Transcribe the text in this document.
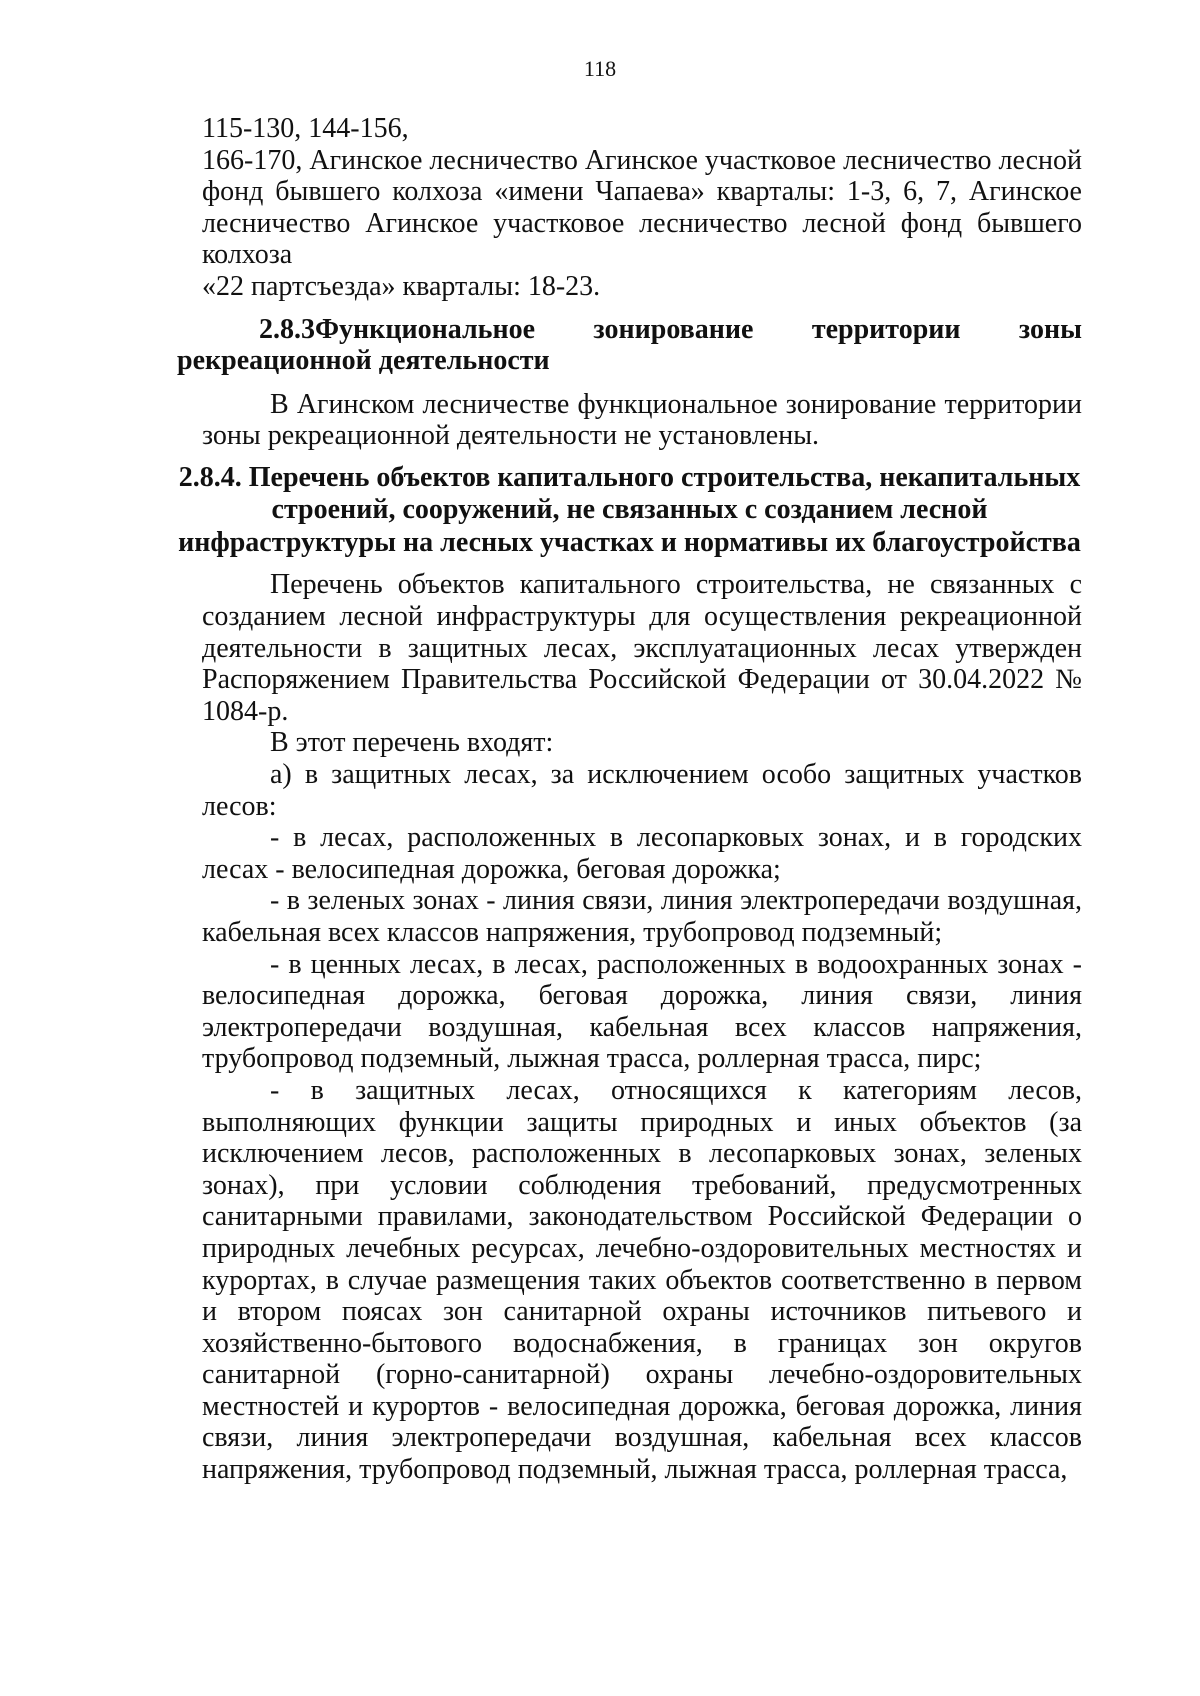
118

115-130, 144-156,

166-170, Агинское лесничество Агинское участковое лесничество лесной фонд бывшего колхоза «имени Чапаева» кварталы: 1-3, 6, 7, Агинское лесничество Агинское участковое лесничество лесной фонд бывшего колхоза

«22 партсъезда» кварталы: 18-23.

2.8.3Функциональное зонирование территории зоны
рекреационной деятельности

В Агинском лесничестве функциональное зонирование территории зоны рекреационной деятельности не установлены.

2.8.4. Перечень объектов капитального строительства, некапитальных
строений, сооружений, не связанных с созданием лесной
инфраструктуры на лесных участках и нормативы их благоустройства

Перечень объектов капитального строительства, не связанных с созданием лесной инфраструктуры для осуществления рекреационной деятельности в защитных лесах, эксплуатационных лесах утвержден Распоряжением Правительства Российской Федерации от 30.04.2022 № 1084-р.

В этот перечень входят:

а) в защитных лесах, за исключением особо защитных участков лесов:

- в лесах, расположенных в лесопарковых зонах, и в городских лесах - велосипедная дорожка, беговая дорожка;

- в зеленых зонах - линия связи, линия электропередачи воздушная, кабельная всех классов напряжения, трубопровод подземный;

- в ценных лесах, в лесах, расположенных в водоохранных зонах - велосипедная дорожка, беговая дорожка, линия связи, линия электропередачи воздушная, кабельная всех классов напряжения, трубопровод подземный, лыжная трасса, роллерная трасса, пирс;

- в защитных лесах, относящихся к категориям лесов, выполняющих функции защиты природных и иных объектов (за исключением лесов, расположенных в лесопарковых зонах, зеленых зонах), при условии соблюдения требований, предусмотренных санитарными правилами, законодательством Российской Федерации о природных лечебных ресурсах, лечебно-оздоровительных местностях и курортах, в случае размещения таких объектов соответственно в первом и втором поясах зон санитарной охраны источников питьевого и хозяйственно-бытового водоснабжения, в границах зон округов санитарной (горно-санитарной) охраны лечебно-оздоровительных местностей и курортов - велосипедная дорожка, беговая дорожка, линия связи, линия электропередачи воздушная, кабельная всех классов напряжения, трубопровод подземный, лыжная трасса, роллерная трасса,
